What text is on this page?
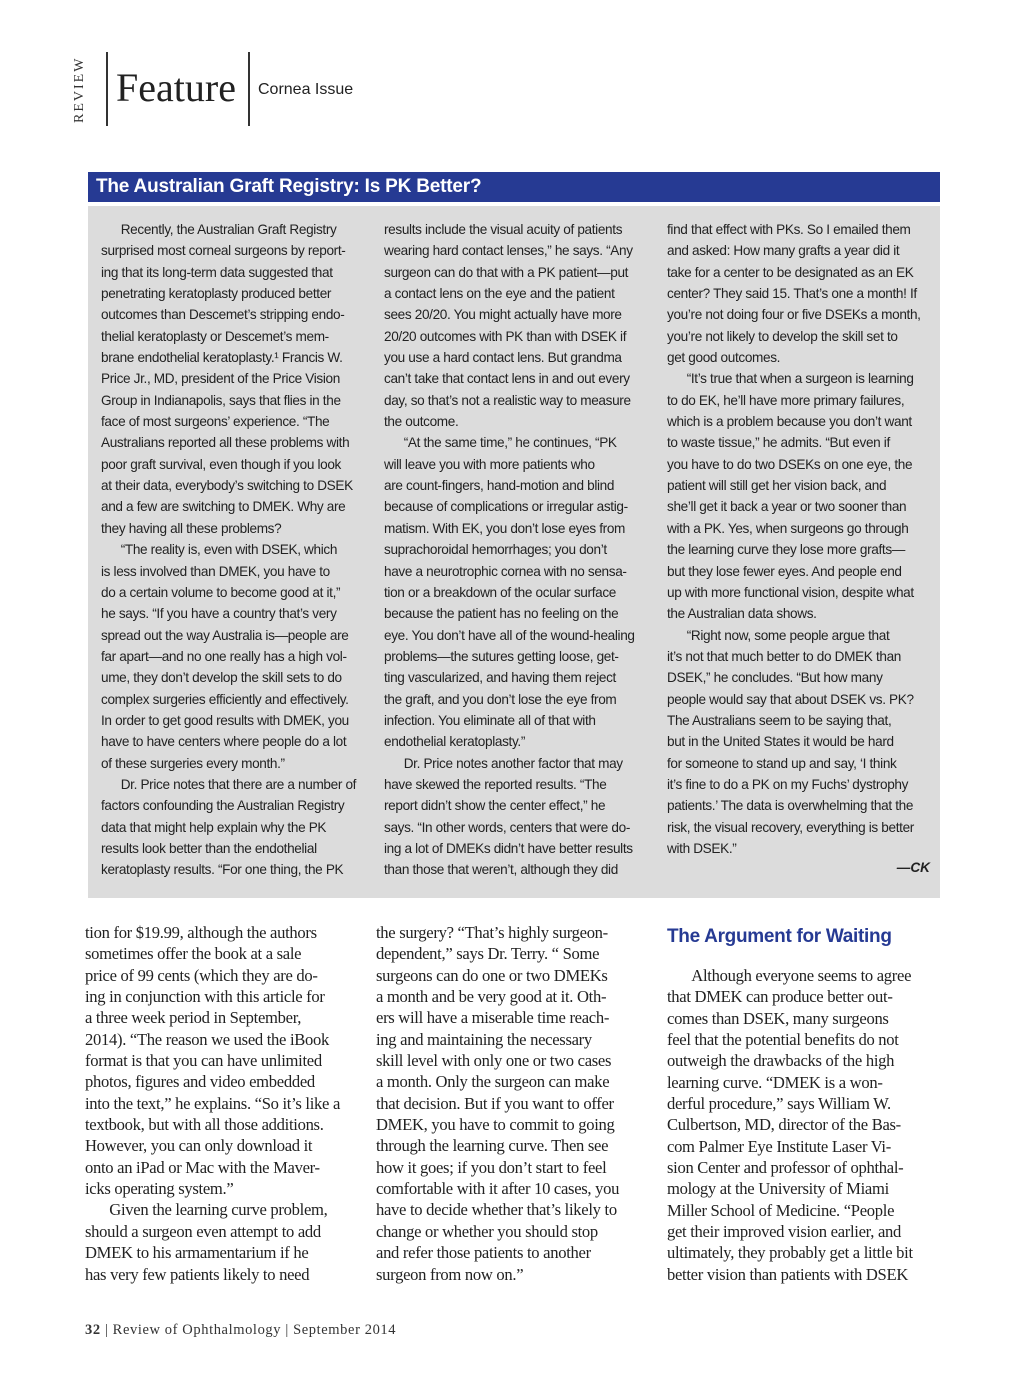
REVIEW Feature Cornea Issue
The Australian Graft Registry: Is PK Better?

  Recently, the Australian Graft Registry

surprised most corneal surgeons by report-

ing that its long-term data suggested that

penetrating keratoplasty produced better

outcomes than Descemet’s stripping endo-

thelial keratoplasty or Descemet’s mem-

brane endothelial keratoplasty.¹ Francis W.

Price Jr., MD, president of the Price Vision

Group in Indianapolis, says that flies in the

face of most surgeons’ experience. “The

Australians reported all these problems with

poor graft survival, even though if you look

at their data, everybody’s switching to DSEK

and a few are switching to DMEK. Why are

they having all these problems?

  “The reality is, even with DSEK, which

is less involved than DMEK, you have to

do a certain volume to become good at it,”

he says. “If you have a country that’s very

spread out the way Australia is—people are

far apart—and no one really has a high vol-

ume, they don’t develop the skill sets to do

complex surgeries efficiently and effectively.

In order to get good results with DMEK, you

have to have centers where people do a lot

of these surgeries every month.”

  Dr. Price notes that there are a number of

factors confounding the Australian Registry

data that might help explain why the PK

results look better than the endothelial

keratoplasty results. “For one thing, the PK

results include the visual acuity of patients

wearing hard contact lenses,” he says. “Any

surgeon can do that with a PK patient—put

a contact lens on the eye and the patient

sees 20/20. You might actually have more

20/20 outcomes with PK than with DSEK if

you use a hard contact lens. But grandma

can’t take that contact lens in and out every

day, so that’s not a realistic way to measure

the outcome.

  “At the same time,” he continues, “PK

will leave you with more patients who

are count-fingers, hand-motion and blind

because of complications or irregular astig-

matism. With EK, you don’t lose eyes from

suprachoroidal hemorrhages; you don’t

have a neurotrophic cornea with no sensa-

tion or a breakdown of the ocular surface

because the patient has no feeling on the

eye. You don’t have all of the wound-healing

problems—the sutures getting loose, get-

ting vascularized, and having them reject

the graft, and you don’t lose the eye from

infection. You eliminate all of that with

endothelial keratoplasty.”

  Dr. Price notes another factor that may

have skewed the reported results. “The

report didn’t show the center effect,” he

says. “In other words, centers that were do-

ing a lot of DMEKs didn’t have better results

than those that weren’t, although they did

find that effect with PKs. So I emailed them

and asked: How many grafts a year did it

take for a center to be designated as an EK

center? They said 15. That’s one a month! If

you’re not doing four or five DSEKs a month,

you’re not likely to develop the skill set to

get good outcomes.

  “It’s true that when a surgeon is learning

to do EK, he’ll have more primary failures,

which is a problem because you don’t want

to waste tissue,” he admits. “But even if

you have to do two DSEKs on one eye, the

patient will still get her vision back, and

she’ll get it back a year or two sooner than

with a PK. Yes, when surgeons go through

the learning curve they lose more grafts—

but they lose fewer eyes. And people end

up with more functional vision, despite what

the Australian data shows.

  “Right now, some people argue that

it’s not that much better to do DMEK than

DSEK,” he concludes. “But how many

people would say that about DSEK vs. PK?

The Australians seem to be saying that,

but in the United States it would be hard

for someone to stand up and say, ‘I think

it’s fine to do a PK on my Fuchs’ dystrophy

patients.’ The data is overwhelming that the

risk, the visual recovery, everything is better

with DSEK.”

—CK

tion for $19.99, although the authors

sometimes offer the book at a sale

price of 99 cents (which they are do-

ing in conjunction with this article for

a three week period in September,

2014). “The reason we used the iBook

format is that you can have unlimited

photos, figures and video embedded

into the text,” he explains. “So it’s like a

textbook, but with all those additions.

However, you can only download it

onto an iPad or Mac with the Maver-

icks operating system.”

  Given the learning curve problem,

should a surgeon even attempt to add

DMEK to his armamentarium if he

has very few patients likely to need

the surgery? “That’s highly surgeon-

dependent,” says Dr. Terry. “ Some

surgeons can do one or two DMEKs

a month and be very good at it. Oth-

ers will have a miserable time reach-

ing and maintaining the necessary

skill level with only one or two cases

a month. Only the surgeon can make

that decision. But if you want to offer

DMEK, you have to commit to going

through the learning curve. Then see

how it goes; if you don’t start to feel

comfortable with it after 10 cases, you

have to decide whether that’s likely to

change or whether you should stop

and refer those patients to another

surgeon from now on.”

The Argument for Waiting

  Although everyone seems to agree

that DMEK can produce better out-

comes than DSEK, many surgeons

feel that the potential benefits do not

outweigh the drawbacks of the high

learning curve. “DMEK is a won-

derful procedure,” says William W.

Culbertson, MD, director of the Bas-

com Palmer Eye Institute Laser Vi-

sion Center and professor of ophthal-

mology at the University of Miami

Miller School of Medicine. “People

get their improved vision earlier, and

ultimately, they probably get a little bit

better vision than patients with DSEK

32 | Review of Ophthalmology | September 2014
